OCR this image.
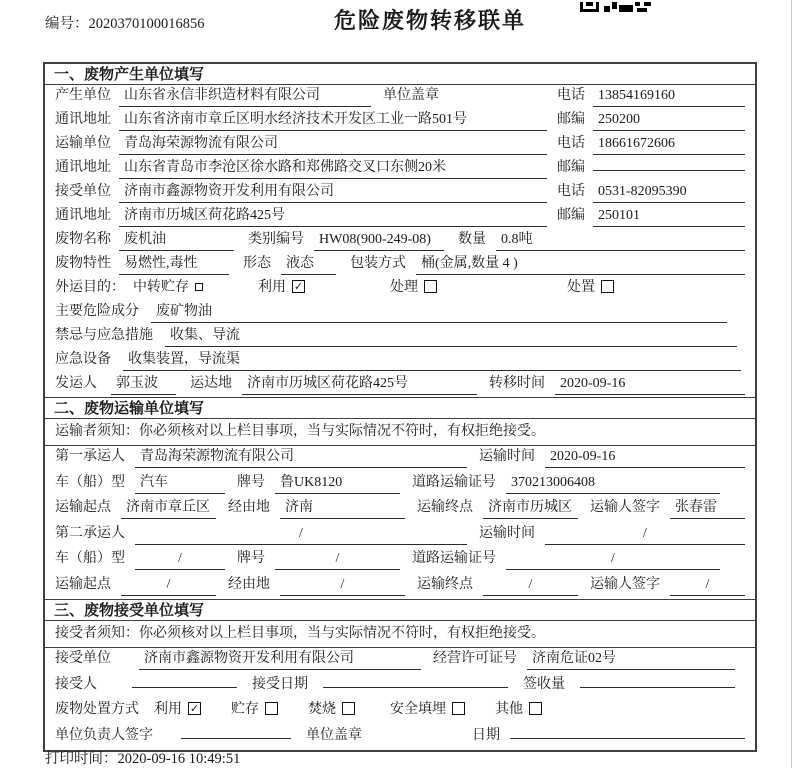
编号：2020370100016856	危险废物转移联单
一、废物产生单位填写
产生单位 山东省永信非织造材料有限公司	单位盖章	电话 13854169160
通讯地址 山东省济南市章丘区明水经济技术开发区工业一路501号	邮编 250200
运输单位 青岛海荣源物流有限公司	电话 18661672606
通讯地址 山东省青岛市李沧区徐水路和郑佛路交叉口东侧20米	邮编
接受单位 济南市鑫源物资开发利用有限公司	电话 0531-82095390
通讯地址 济南市历城区荷花路425号	邮编 250101
废物名称 废机油	类别编号	HW08(900-249-08)	数量	0.8吨
废物特性 易燃性,毒性	形态	液态	包装方式	桶(金属,数量 4 )
外运目的： 中转贮存	利用 ✓	处理	处置
主要危险成分	废矿物油
禁忌与应急措施	收集、导流
应急设备	收集装置，导流渠
发运人	郭玉波	运达地	济南市历城区荷花路425号	转移时间	2020-09-16
二、废物运输单位填写
运输者须知：你必须核对以上栏目事项，当与实际情况不符时，有权拒绝接受。
第一承运人	青岛海荣源物流有限公司	运输时间	2020-09-16
车（船）型	汽车	牌号	鲁UK8120	道路运输证号	370213006408
运输起点	济南市章丘区	经由地	济南	运输终点	济南市历城区	运输人签字	张春雷
第二承运人	/	运输时间	/
车（船）型	/	牌号	/	道路运输证号	/
运输起点	/	经由地	/	运输终点	/	运输人签字	/
三、废物接受单位填写
接受者须知：你必须核对以上栏目事项，当与实际情况不符时，有权拒绝接受。
接受单位	济南市鑫源物资开发利用有限公司	经营许可证号	济南危证02号
接受人	接受日期	签收量
废物处置方式 利用 ✓ 贮存	焚烧	安全填埋	其他
单位负责人签字	单位盖章	日期
打印时间：2020-09-16 10:49:51
